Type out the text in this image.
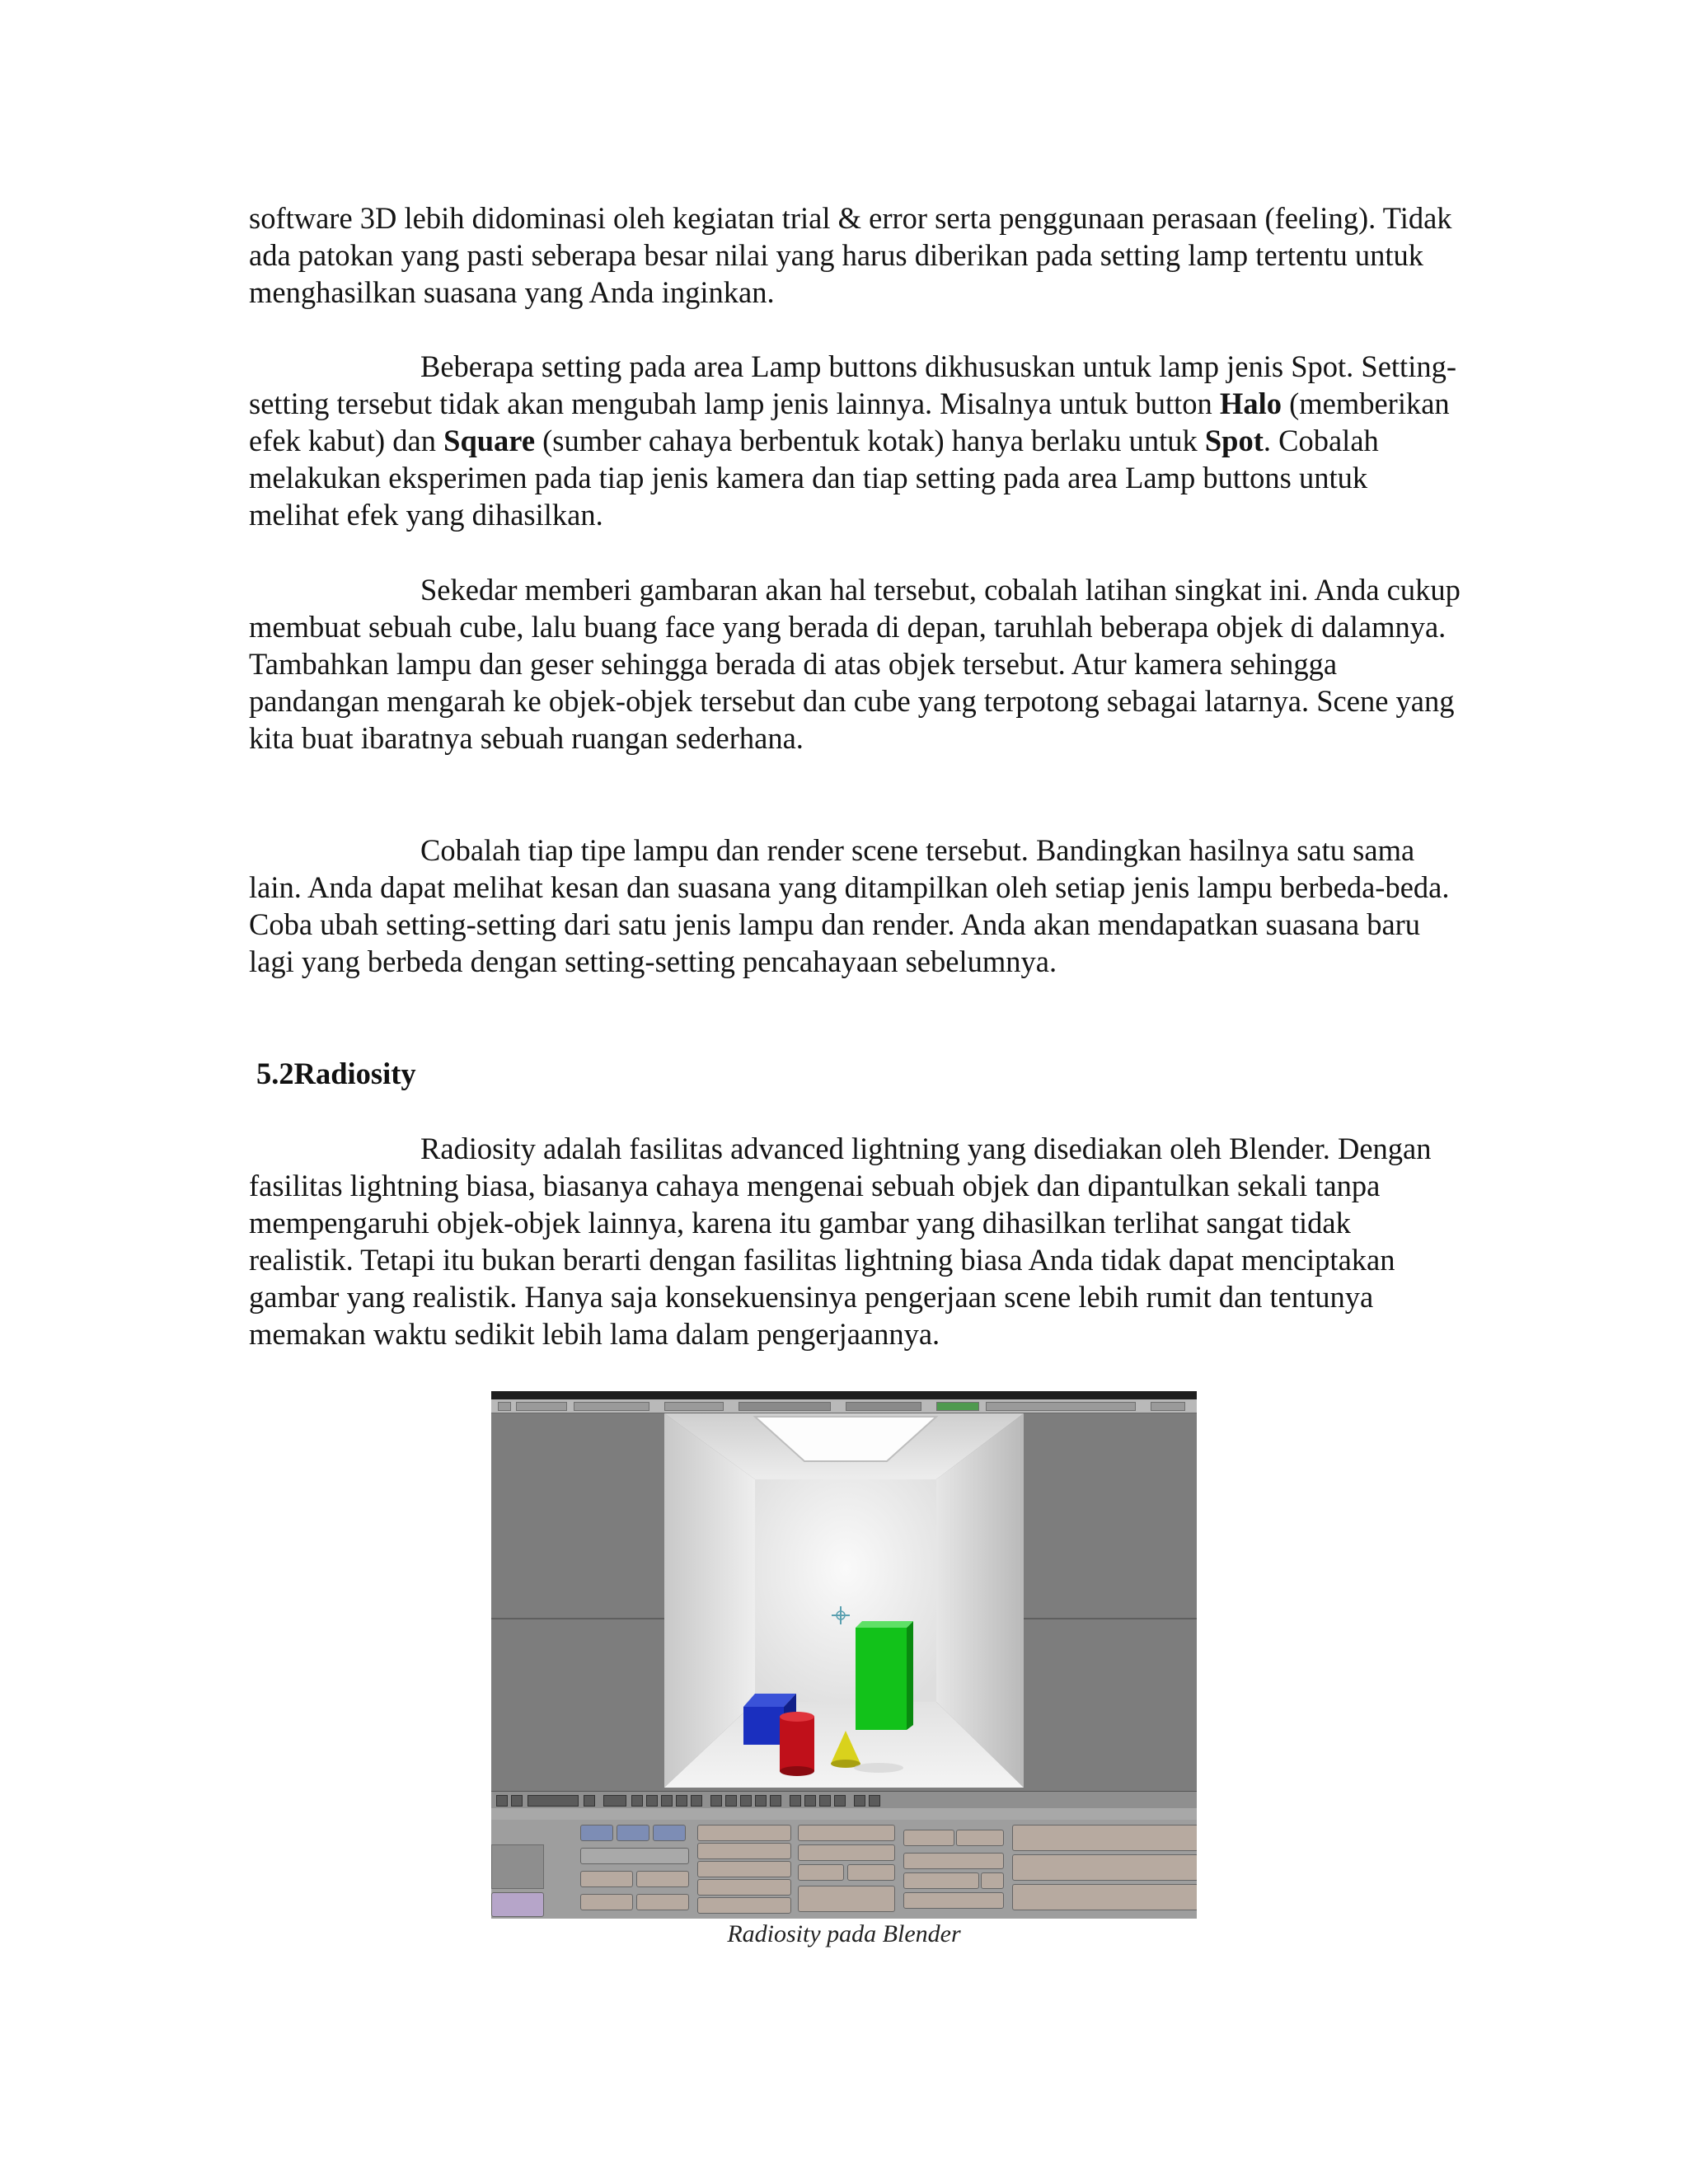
software 3D lebih didominasi oleh kegiatan trial & error serta penggunaan perasaan (feeling). Tidak ada patokan yang pasti seberapa besar nilai yang harus diberikan pada setting lamp tertentu untuk menghasilkan suasana yang Anda inginkan.

Beberapa setting pada area Lamp buttons dikhususkan untuk lamp jenis Spot. Setting-setting tersebut tidak akan mengubah lamp jenis lainnya. Misalnya untuk button Halo (memberikan efek kabut) dan Square (sumber cahaya berbentuk kotak) hanya berlaku untuk Spot. Cobalah melakukan eksperimen pada tiap jenis kamera dan tiap setting pada area Lamp buttons untuk melihat efek yang dihasilkan.

Sekedar memberi gambaran akan hal tersebut, cobalah latihan singkat ini. Anda cukup membuat sebuah cube, lalu buang face yang berada di depan, taruhlah beberapa objek di dalamnya. Tambahkan lampu dan geser sehingga berada di atas objek tersebut. Atur kamera sehingga pandangan mengarah ke objek-objek tersebut dan cube yang terpotong sebagai latarnya. Scene yang kita buat ibaratnya sebuah ruangan sederhana.

Cobalah tiap tipe lampu dan render scene tersebut. Bandingkan hasilnya satu sama lain. Anda dapat melihat kesan dan suasana yang ditampilkan oleh setiap jenis lampu berbeda-beda. Coba ubah setting-setting dari satu jenis lampu dan render. Anda akan mendapatkan suasana baru lagi yang berbeda dengan setting-setting pencahayaan sebelumnya.

5.2Radiosity

Radiosity adalah fasilitas advanced lightning yang disediakan oleh Blender. Dengan fasilitas lightning biasa, biasanya cahaya mengenai sebuah objek dan dipantulkan sekali tanpa mempengaruhi objek-objek lainnya, karena itu gambar yang dihasilkan terlihat sangat tidak realistik. Tetapi itu bukan berarti dengan fasilitas lightning biasa Anda tidak dapat menciptakan gambar yang realistik. Hanya saja konsekuensinya pengerjaan scene lebih rumit dan tentunya memakan waktu sedikit lebih lama dalam pengerjaannya.

Radiosity pada Blender
